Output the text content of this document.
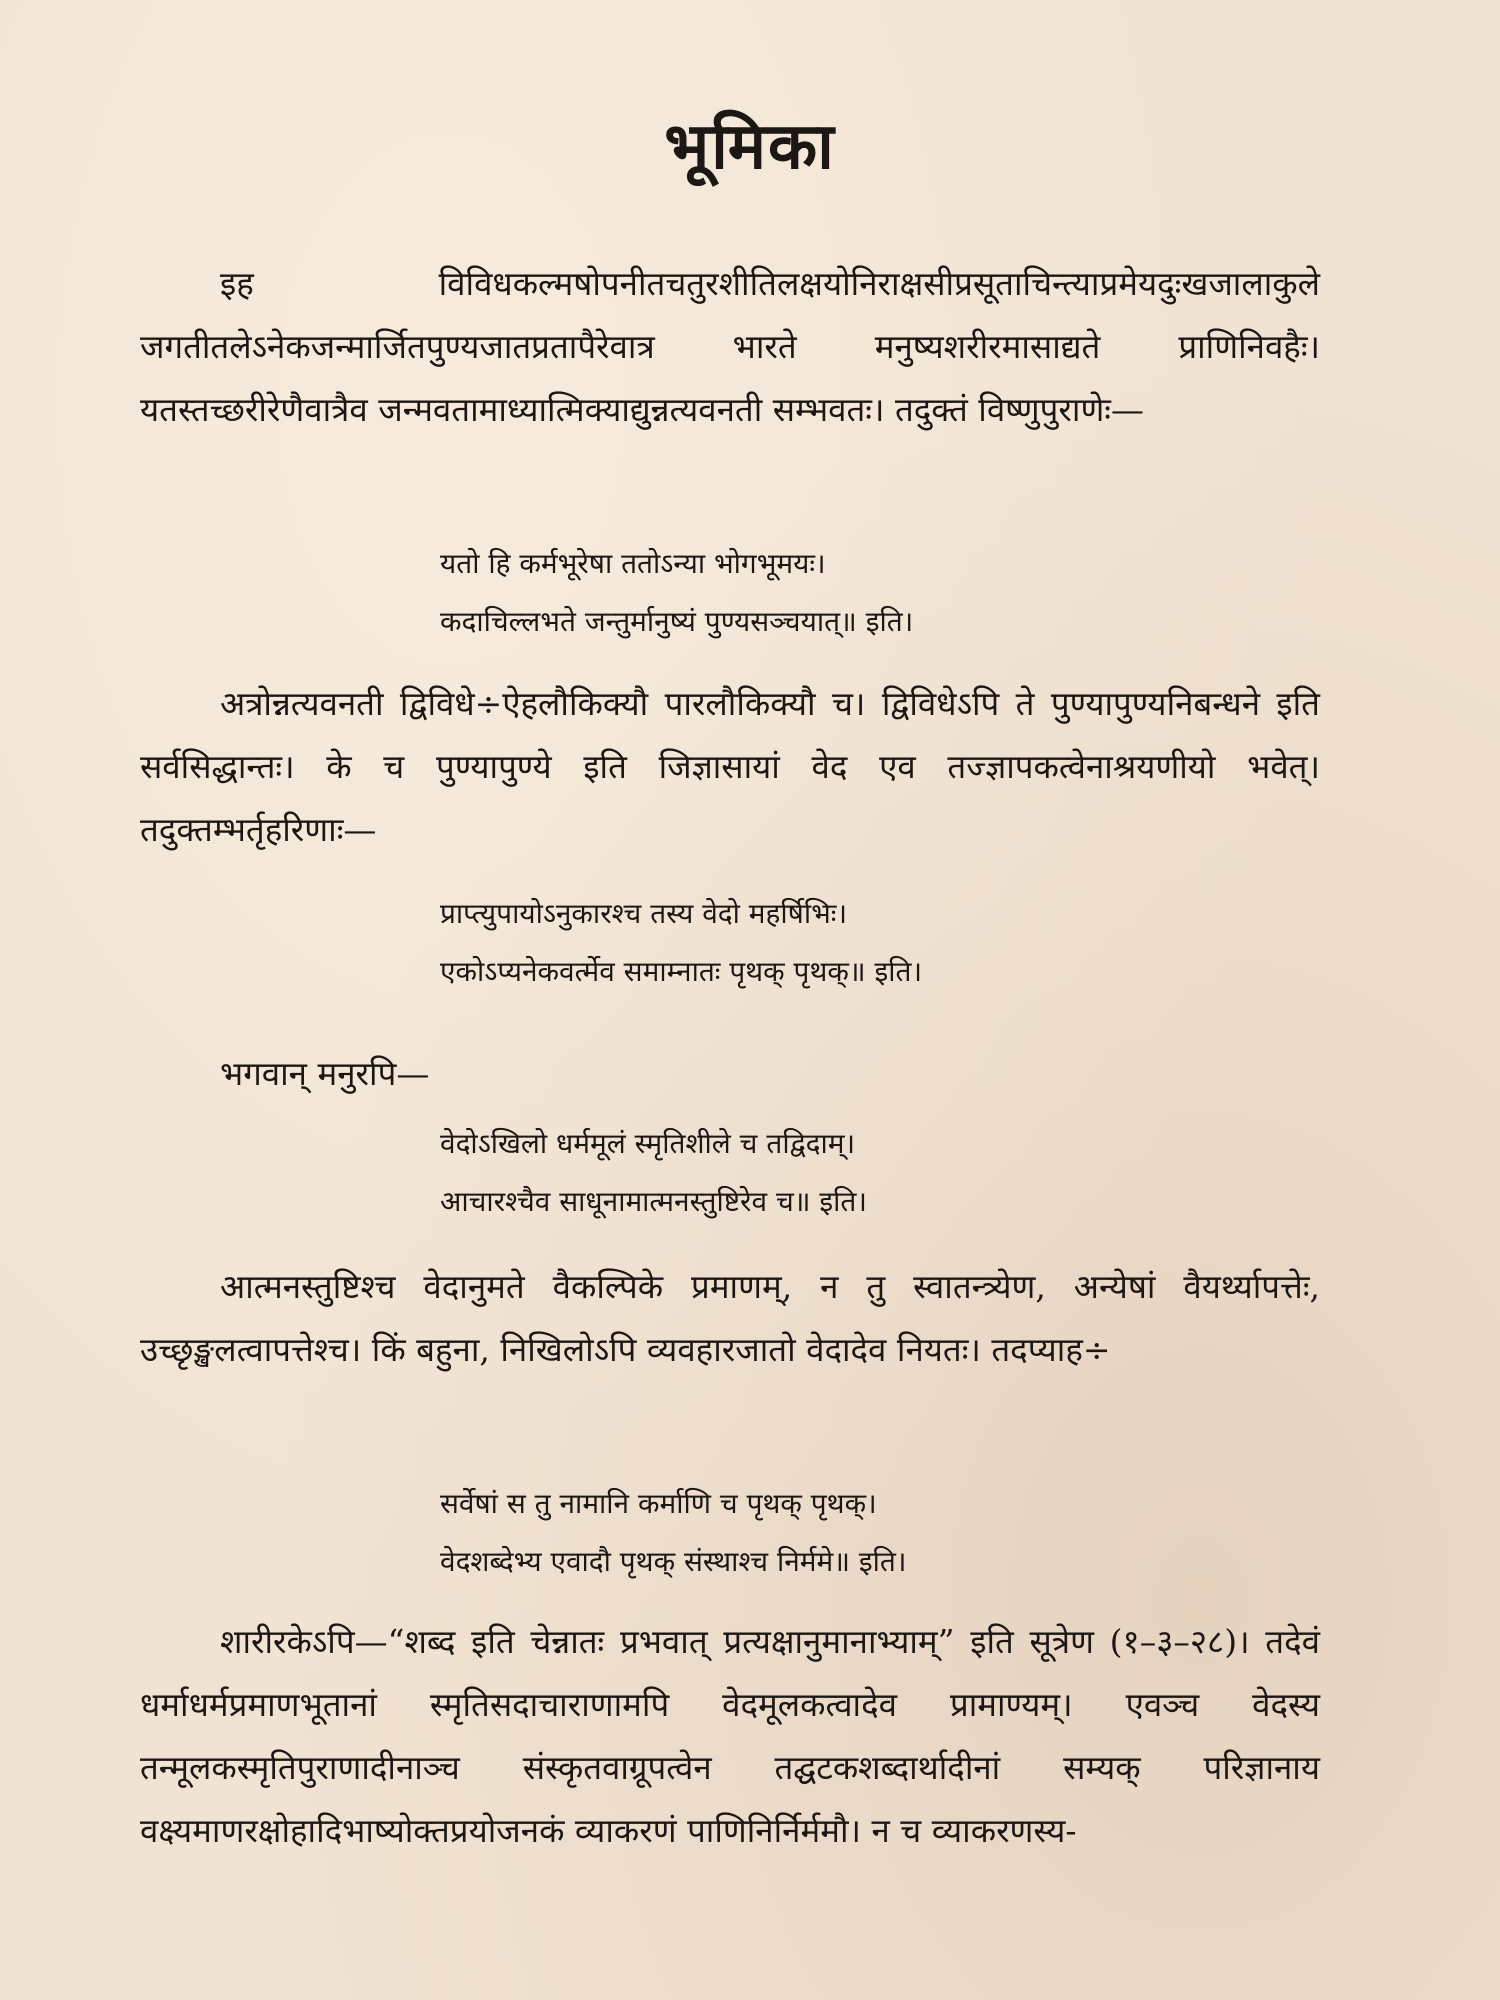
भूमिका

इह विविधकल्मषोपनीतचतुरशीतिलक्षयोनिराक्षसीप्रसूताचिन्त्याप्रमेयदुःखजालाकुले जगतीतलेऽनेकजन्मार्जितपुण्यजातप्रतापैरेवात्र भारते मनुष्यशरीरमासाद्यते प्राणिनिवहैः। यतस्तच्छरीरेणैवात्रैव जन्मवतामाध्यात्मिक्याद्युन्नत्यवनती सम्भवतः। तदुक्तं विष्णुपुराणेः—

यतो हि कर्मभूरेषा ततोऽन्या भोगभूमयः।
कदाचिल्लभते जन्तुर्मानुष्यं पुण्यसञ्चयात्॥ इति।

अत्रोन्नत्यवनती द्विविधे÷ऐहलौकिक्यौ पारलौकिक्यौ च। द्विविधेऽपि ते पुण्यापुण्यनिबन्धने इति सर्वसिद्धान्तः। के च पुण्यापुण्ये इति जिज्ञासायां वेद एव तज्ज्ञापकत्वेनाश्रयणीयो भवेत्। तदुक्तम्भर्तृहरिणाः—

प्राप्त्युपायोऽनुकारश्च तस्य वेदो महर्षिभिः।
एकोऽप्यनेकवर्त्मेव समाम्नातः पृथक् पृथक्॥ इति।

भगवान् मनुरपि—

वेदोऽखिलो धर्ममूलं स्मृतिशीले च तद्विदाम्।
आचारश्चैव साधूनामात्मनस्तुष्टिरेव च॥ इति।

आत्मनस्तुष्टिश्च वेदानुमते वैकल्पिके प्रमाणम्, न तु स्वातन्त्र्येण, अन्येषां वैयर्थ्यापत्तेः, उच्छृङ्खलत्वापत्तेश्च। किं बहुना, निखिलोऽपि व्यवहारजातो वेदादेव नियतः। तदप्याह÷

सर्वेषां स तु नामानि कर्माणि च पृथक् पृथक्।
वेदशब्देभ्य एवादौ पृथक् संस्थाश्च निर्ममे॥ इति।

शारीरकेऽपि—“शब्द इति चेन्नातः प्रभवात् प्रत्यक्षानुमानाभ्याम्” इति सूत्रेण (१–३–२८)। तदेवं धर्माधर्मप्रमाणभूतानां स्मृतिसदाचाराणामपि वेदमूलकत्वादेव प्रामाण्यम्। एवञ्च वेदस्य तन्मूलकस्मृतिपुराणादीनाञ्च संस्कृतवाग्रूपत्वेन तद्घटकशब्दार्थादीनां सम्यक् परिज्ञानाय वक्ष्यमाणरक्षोहादिभाष्योक्तप्रयोजनकं व्याकरणं पाणिनिर्निर्ममौ। न च व्याकरणस्य-
